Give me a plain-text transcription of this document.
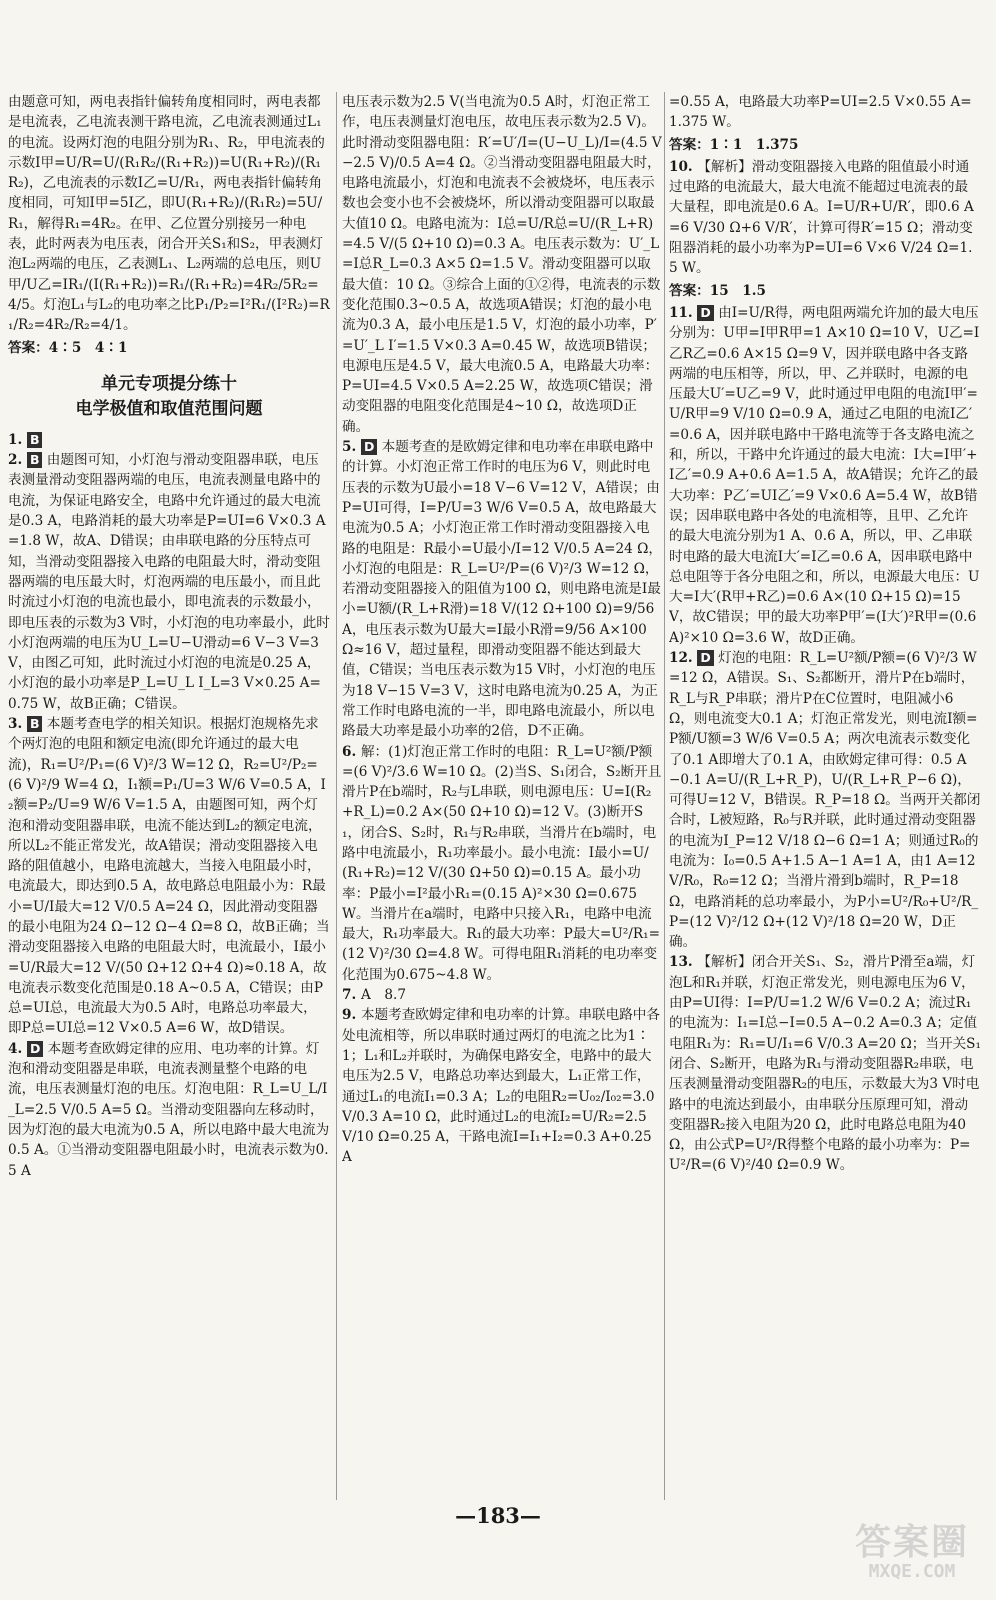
由题意可知，两电表指针偏转角度相同时，两电表都是电流表，乙电流表测干路电流，乙电流表测通过L₁的电流。设两灯泡的电阻分别为R₁、R₂，甲电流表的示数I甲=U/R=U/(R₁R₂/(R₁+R₂))=U(R₁+R₂)/(R₁R₂)，乙电流表的示数I乙=U/R₁，两电表指针偏转角度相同，可知I甲=5I乙，即U(R₁+R₂)/(R₁R₂)=5U/R₁，解得R₁=4R₂。在甲、乙位置分别接另一种电表，此时两表为电压表，闭合开关S₁和S₂，甲表测灯泡L₂两端的电压，乙表测L₁、L₂两端的总电压，则U甲/U乙=IR₁/(I(R₁+R₂))=R₁/(R₁+R₂)=4R₂/5R₂=4/5。灯泡L₁与L₂的电功率之比P₁/P₂=I²R₁/(I²R₂)=R₁/R₂=4R₂/R₂=4/1。

答案：4∶5　4∶1

单元专项提分练十
电学极值和取值范围问题

1. B

2. B 由题图可知，小灯泡与滑动变阻器串联，电压表测量滑动变阻器两端的电压，电流表测量电路中的电流，为保证电路安全，电路中允许通过的最大电流是0.3 A，电路消耗的最大功率是P=UI=6 V×0.3 A=1.8 W，故A、D错误；由串联电路的分压特点可知，当滑动变阻器接入电路的电阻最大时，滑动变阻器两端的电压最大时，灯泡两端的电压最小，而且此时流过小灯泡的电流也最小，即电流表的示数最小，即电压表的示数为3 V时，小灯泡的电功率最小，此时小灯泡两端的电压为U_L=U−U滑动=6 V−3 V=3 V，由图乙可知，此时流过小灯泡的电流是0.25 A，小灯泡的最小功率是P_L=U_L I_L=3 V×0.25 A=0.75 W，故B正确；C错误。

3. B 本题考查电学的相关知识。根据灯泡规格先求个两灯泡的电阻和额定电流(即允许通过的最大电流)，R₁=U²/P₁=(6 V)²/3 W=12 Ω，R₂=U²/P₂=(6 V)²/9 W=4 Ω，I₁额=P₁/U=3 W/6 V=0.5 A，I₂额=P₂/U=9 W/6 V=1.5 A，由题图可知，两个灯泡和滑动变阻器串联，电流不能达到L₂的额定电流，所以L₂不能正常发光，故A错误；滑动变阻器接入电路的阻值越小，电路电流越大，当接入电阻最小时，电流最大，即达到0.5 A，故电路总电阻最小为：R最小=U/I最大=12 V/0.5 A=24 Ω，因此滑动变阻器的最小电阻为24 Ω−12 Ω−4 Ω=8 Ω，故B正确；当滑动变阻器接入电路的电阻最大时，电流最小，I最小=U/R最大=12 V/(50 Ω+12 Ω+4 Ω)≈0.18 A，故电流表示数变化范围是0.18 A~0.5 A，C错误；由P总=UI总，电流最大为0.5 A时，电路总功率最大，即P总=UI总=12 V×0.5 A=6 W，故D错误。

4. D 本题考查欧姆定律的应用、电功率的计算。灯泡和滑动变阻器是串联，电流表测量整个电路的电流，电压表测量灯泡的电压。灯泡电阻：R_L=U_L/I_L=2.5 V/0.5 A=5 Ω。当滑动变阻器向左移动时，因为灯泡的最大电流为0.5 A，所以电路中最大电流为0.5 A。①当滑动变阻器电阻最小时，电流表示数为0.5 A

电压表示数为2.5 V(当电流为0.5 A时，灯泡正常工作，电压表测量灯泡电压，故电压表示数为2.5 V)。此时滑动变阻器电阻：R′=U′/I=(U−U_L)/I=(4.5 V−2.5 V)/0.5 A=4 Ω。②当滑动变阻器电阻最大时，电路电流最小，灯泡和电流表不会被烧坏，电压表示数也会变小也不会被烧坏，所以滑动变阻器可以取最大值10 Ω。电路电流为：I总=U/R总=U/(R_L+R)=4.5 V/(5 Ω+10 Ω)=0.3 A。电压表示数为：U′_L=I总R_L=0.3 A×5 Ω=1.5 V。滑动变阻器可以取最大值：10 Ω。③综合上面的①②得，电流表的示数变化范围0.3~0.5 A，故选项A错误；灯泡的最小电流为0.3 A，最小电压是1.5 V，灯泡的最小功率，P′=U′_L I′=1.5 V×0.3 A=0.45 W，故选项B错误；电源电压是4.5 V，最大电流0.5 A，电路最大功率：P=UI=4.5 V×0.5 A=2.25 W，故选项C错误；滑动变阻器的电阻变化范围是4~10 Ω，故选项D正确。

5. D 本题考查的是欧姆定律和电功率在串联电路中的计算。小灯泡正常工作时的电压为6 V，则此时电压表的示数为U最小=18 V−6 V=12 V，A错误；由P=UI可得，I=P/U=3 W/6 V=0.5 A，故电路最大电流为0.5 A；小灯泡正常工作时滑动变阻器接入电路的电阻是：R最小=U最小/I=12 V/0.5 A=24 Ω，小灯泡的电阻是：R_L=U²/P=(6 V)²/3 W=12 Ω，若滑动变阻器接入的阻值为100 Ω，则电路电流是I最小=U额/(R_L+R滑)=18 V/(12 Ω+100 Ω)=9/56 A，电压表示数为U最大=I最小R滑=9/56 A×100 Ω≈16 V，超过量程，即滑动变阻器不能达到最大值，C错误；当电压表示数为15 V时，小灯泡的电压为18 V−15 V=3 V，这时电路电流为0.25 A，为正常工作时电路电流的一半，即电路电流最小，所以电路最大功率是最小功率的2倍，D不正确。

6. 解：(1)灯泡正常工作时的电阻：R_L=U²额/P额=(6 V)²/3.6 W=10 Ω。(2)当S、S₁闭合，S₂断开且滑片P在b端时，R₂与L串联，则电源电压：U=I(R₂+R_L)=0.2 A×(50 Ω+10 Ω)=12 V。(3)断开S₁，闭合S、S₂时，R₁与R₂串联，当滑片在b端时，电路中电流最小，R₁功率最小。最小电流：I最小=U/(R₁+R₂)=12 V/(30 Ω+50 Ω)=0.15 A。最小功率：P最小=I²最小R₁=(0.15 A)²×30 Ω=0.675 W。当滑片在a端时，电路中只接入R₁，电路中电流最大，R₁功率最大。R₁的最大功率：P最大=U²/R₁=(12 V)²/30 Ω=4.8 W。可得电阻R₁消耗的电功率变化范围为0.675~4.8 W。

7. A　8.7

9. 本题考查欧姆定律和电功率的计算。串联电路中各处电流相等，所以串联时通过两灯的电流之比为1∶1；L₁和L₂并联时，为确保电路安全，电路中的最大电压为2.5 V，电路总功率达到最大，L₁正常工作，通过L₁的电流I₁=0.3 A；L₂的电阻R₂=U₀₂/I₀₂=3.0 V/0.3 A=10 Ω，此时通过L₂的电流I₂=U/R₂=2.5 V/10 Ω=0.25 A，干路电流I=I₁+I₂=0.3 A+0.25 A

=0.55 A，电路最大功率P=UI=2.5 V×0.55 A=1.375 W。

答案：1∶1　1.375

10. 【解析】滑动变阻器接入电路的阻值最小时通过电路的电流最大，最大电流不能超过电流表的最大量程，即电流是0.6 A。I=U/R+U/R′，即0.6 A=6 V/30 Ω+6 V/R′，计算可得R′=15 Ω；滑动变阻器消耗的最小功率为P=UI=6 V×6 V/24 Ω=1.5 W。

答案：15　1.5

11. D 由I=U/R得，两电阻两端允许加的最大电压分别为：U甲=I甲R甲=1 A×10 Ω=10 V，U乙=I乙R乙=0.6 A×15 Ω=9 V，因并联电路中各支路两端的电压相等，所以，甲、乙并联时，电源的电压最大U′=U乙=9 V，此时通过甲电阻的电流I甲′=U/R甲=9 V/10 Ω=0.9 A，通过乙电阻的电流I乙′=0.6 A，因并联电路中干路电流等于各支路电流之和，所以，干路中允许通过的最大电流：I大=I甲′+I乙′=0.9 A+0.6 A=1.5 A，故A错误；允许乙的最大功率：P乙′=UI乙′=9 V×0.6 A=5.4 W，故B错误；因串联电路中各处的电流相等，且甲、乙允许的最大电流分别为1 A、0.6 A，所以，甲、乙串联时电路的最大电流I大′=I乙=0.6 A，因串联电路中总电阻等于各分电阻之和，所以，电源最大电压：U大=I大′(R甲+R乙)=0.6 A×(10 Ω+15 Ω)=15 V，故C错误；甲的最大功率P甲′=(I大′)²R甲=(0.6 A)²×10 Ω=3.6 W，故D正确。

12. D 灯泡的电阻：R_L=U²额/P额=(6 V)²/3 W=12 Ω，A错误。S₁、S₂都断开，滑片P在b端时，R_L与R_P串联；滑片P在C位置时，电阻减小6 Ω，则电流变大0.1 A；灯泡正常发光，则电流I额=P额/U额=3 W/6 V=0.5 A；两次电流表示数变化了0.1 A即增大了0.1 A，由欧姆定律可得：0.5 A−0.1 A=U/(R_L+R_P)，U/(R_L+R_P−6 Ω)，可得U=12 V，B错误。R_P=18 Ω。当两开关都闭合时，L被短路，R₀与R并联，此时通过滑动变阻器的电流为I_P=12 V/18 Ω−6 Ω=1 A；则通过R₀的电流为：I₀=0.5 A+1.5 A−1 A=1 A，由1 A=12 V/R₀，R₀=12 Ω；当滑片滑到b端时，R_P=18 Ω，电路消耗的总功率最小，为P小=U²/R₀+U²/R_P=(12 V)²/12 Ω+(12 V)²/18 Ω=20 W，D正确。

13. 【解析】闭合开关S₁、S₂，滑片P滑至a端，灯泡L和R₁并联，灯泡正常发光，则电源电压为6 V，由P=UI得：I=P/U=1.2 W/6 V=0.2 A；流过R₁的电流为：I₁=I总−I=0.5 A−0.2 A=0.3 A；定值电阻R₁为：R₁=U/I₁=6 V/0.3 A=20 Ω；当开关S₁闭合、S₂断开，电路为R₁与滑动变阻器R₂串联，电压表测量滑动变阻器R₂的电压，示数最大为3 V时电路中的电流达到最小，由串联分压原理可知，滑动变阻器R₂接入电阻为20 Ω，此时电路总电阻为40 Ω，由公式P=U²/R得整个电路的最小功率为：P=U²/R=(6 V)²/40 Ω=0.9 W。

—183—
答案圈
MXQE.COM
